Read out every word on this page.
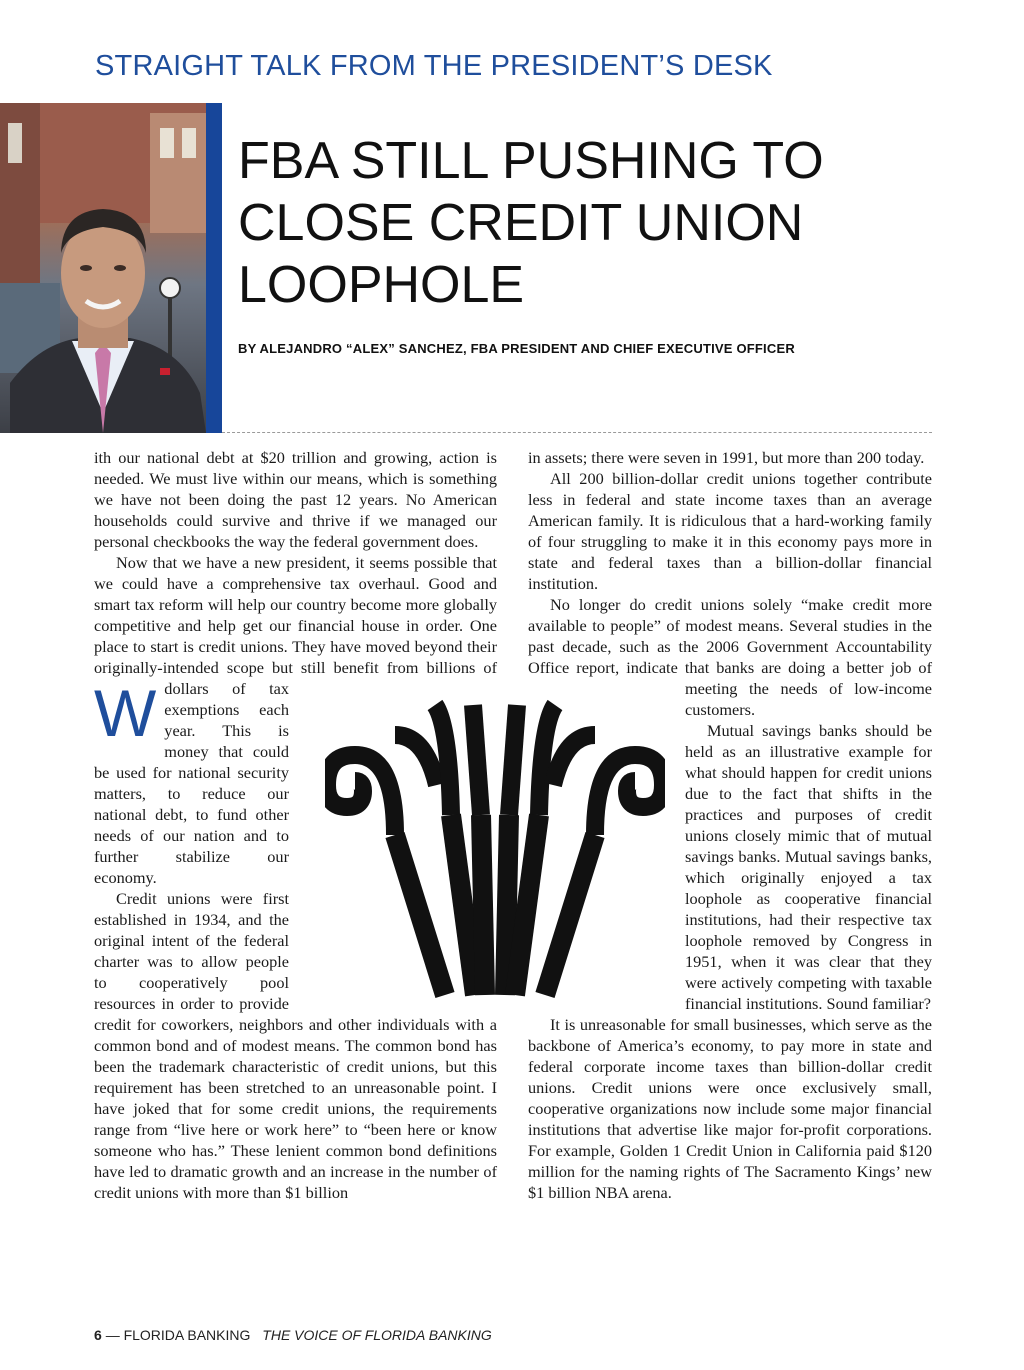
STRAIGHT TALK FROM THE PRESIDENT’S DESK
FBA STILL PUSHING TO
CLOSE CREDIT UNION
LOOPHOLE
BY ALEJANDRO “ALEX” SANCHEZ, FBA PRESIDENT AND CHIEF EXECUTIVE OFFICER
W

ith our national debt at $20 trillion and growing, action is needed. We must live within our means, which is something we have not been doing the past 12 years. No American households could survive and thrive if we managed our personal checkbooks the way the federal government does.

Now that we have a new president, it seems possible that we could have a comprehensive tax overhaul. Good and smart tax reform will help our country become more globally competitive and help get our financial house in order. One place to start is credit unions. They have moved beyond their originally-intended scope but still benefit from billions of dollars of tax exemptions each year. This is money that could be used for national security matters, to reduce our national debt, to fund other needs of our nation and to further stabilize our economy.

Credit unions were first established in 1934, and the original intent of the federal charter was to allow people to cooperatively pool resources in order to provide credit for coworkers, neighbors and other individuals with a common bond and of modest means. The common bond has been the trademark characteristic of credit unions, but this requirement has been stretched to an unreasonable point. I have joked that for some credit unions, the requirements range from “live here or work here” to “been here or know someone who has.” These lenient common bond definitions have led to dramatic growth and an increase in the number of credit unions with more than $1 billion

in assets; there were seven in 1991, but more than 200 today.

All 200 billion-dollar credit unions together contribute less in federal and state income taxes than an average American family. It is ridiculous that a hard-working family of four struggling to make it in this economy pays more in state and federal taxes than a billion-dollar financial institution.

No longer do credit unions solely “make credit more available to people” of modest means. Several studies in the past decade, such as the 2006 Government Accountability Office report, indicate that banks are doing a better job of meeting the needs of low-income customers.

Mutual savings banks should be held as an illustrative example for what should happen for credit unions due to the fact that shifts in the practices and purposes of credit unions closely mimic that of mutual savings banks. Mutual savings banks, which originally enjoyed a tax loophole as cooperative financial institutions, had their respective tax loophole removed by Congress in 1951, when it was clear that they were actively competing with taxable financial institutions. Sound familiar?

It is unreasonable for small businesses, which serve as the backbone of America’s economy, to pay more in state and federal corporate income taxes than billion-dollar credit unions. Credit unions were once exclusively small, cooperative organizations now include some major financial institutions that advertise like major for-profit corporations. For example, Golden 1 Credit Union in California paid $120 million for the naming rights of The Sacramento Kings’ new $1 billion NBA arena.

6 — FLORIDA BANKING THE VOICE OF FLORIDA BANKING
